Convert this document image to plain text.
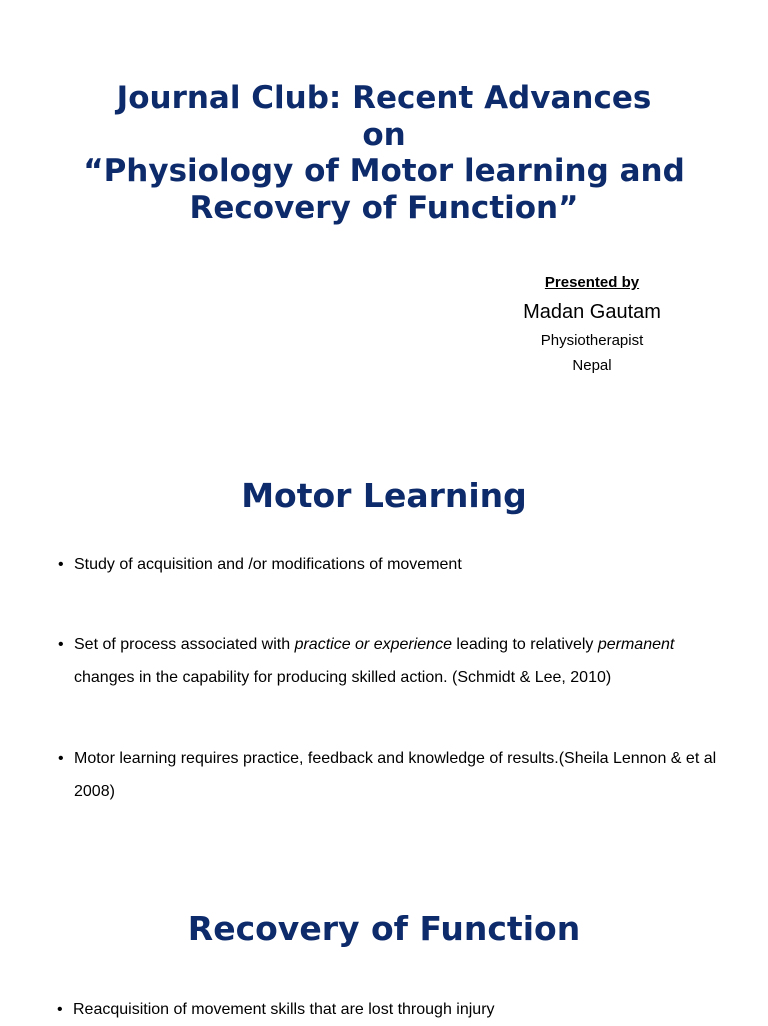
Journal Club: Recent Advances
on
“Physiology of Motor learning and
Recovery of Function”
Presented by
Madan Gautam
Physiotherapist
Nepal
Motor Learning
• Study of acquisition and /or modifications of movement
• Set of process associated with practice or experience leading to relatively permanent changes in the capability for producing skilled action. (Schmidt & Lee, 2010)
• Motor learning requires practice, feedback and knowledge of results.(Sheila Lennon & et al 2008)
Recovery of Function
• Reacquisition of movement skills that are lost through injury
